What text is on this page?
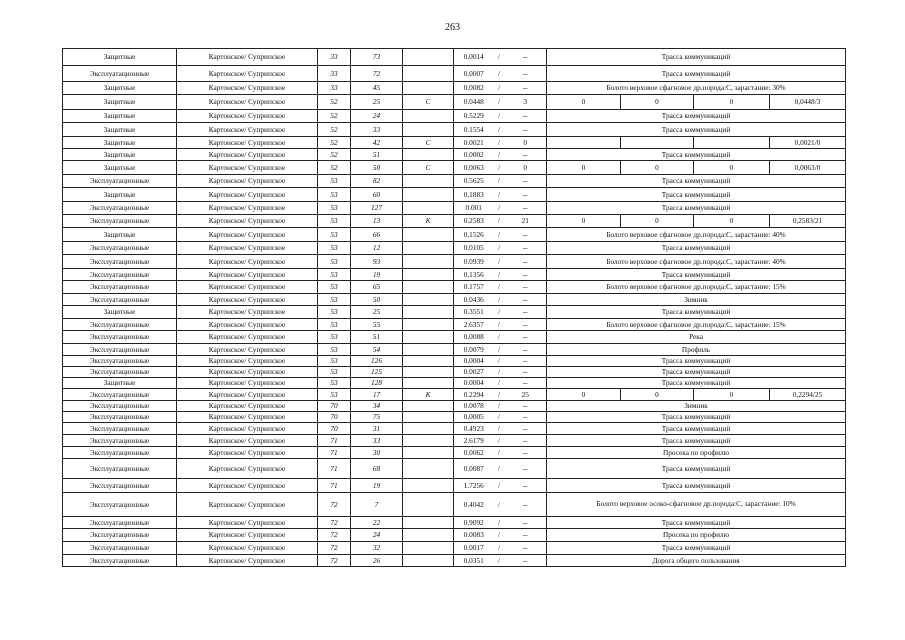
263
Защитные	Картонское/ Суприпское	33	73		0.0014	/	--	Трасса коммуникаций			
Эксплуатационные	Картонское/ Суприпское	33	72		0.0007	/	--	Трасса коммуникаций			
Защитные	Картонское/ Суприпское	33	45		0.0082	/	--	Болото верховое сфагновое др.порода:С, зарастание: 30%			
Защитные	Картонское/ Суприпское	52	25	С	0.0448	/	3	0	0	0	0,0448/3
Защитные	Картонское/ Суприпское	52	24		0.5229	/	--	Трасса коммуникаций			
Защитные	Картонское/ Суприпское	52	33		0.1554	/	--	Трасса коммуникаций			
Защитные	Картонское/ Суприпское	52	42	С	0.0021	/	0				0,0021/0
Защитные	Картонское/ Суприпское	52	51		0.0002	/	--	Трасса коммуникаций			
Защитные	Картонское/ Суприпское	52	50	С	0.0063	/	0	0	0	0	0,0063/0
Эксплуатационные	Картонское/ Суприпское	53	82		0.5625	/	--	Трасса коммуникаций			
Защитные	Картонское/ Суприпское	53	60		0.1883	/	--	Трасса коммуникаций			
Эксплуатационные	Картонское/ Суприпское	53	127		0.001	/	--	Трасса коммуникаций			
Эксплуатационные	Картонское/ Суприпское	53	13	К	0.2583	/	21	0	0	0	0,2583/21
Защитные	Картонское/ Суприпское	53	66		0.1526	/	--	Болото верховое сфагновое др.порода:С, зарастание: 40%			
Эксплуатационные	Картонское/ Суприпское	53	12		0.0105	/	--	Трасса коммуникаций			
Эксплуатационные	Картонское/ Суприпское	53	93		0.0939	/	--	Болото верховое сфагновое др.порода:С, зарастание: 40%			
Эксплуатационные	Картонское/ Суприпское	53	19		0.1356	/	--	Трасса коммуникаций			
Эксплуатационные	Картонское/ Суприпское	53	65		0.1757	/	--	Болото верховое сфагновое др.порода:С, зарастание: 15%			
Эксплуатационные	Картонское/ Суприпское	53	50		0.0436	/	--	Зимник			
Защитные	Картонское/ Суприпское	53	25		0.3551	/	--	Трасса коммуникаций			
Эксплуатационные	Картонское/ Суприпское	53	55		2.6357	/	--	Болото верховое сфагновое др.порода:С, зарастание: 15%			
Эксплуатационные	Картонское/ Суприпское	53	51		0.0088	/	--	Река			
Эксплуатационные	Картонское/ Суприпское	53	54		0.0079	/	--	Профиль			
Эксплуатационные	Картонское/ Суприпское	53	126		0.0004	/	--	Трасса коммуникаций			
Эксплуатационные	Картонское/ Суприпское	53	125		0.0027	/	--	Трасса коммуникаций			
Защитные	Картонское/ Суприпское	53	128		0.0004	/	--	Трасса коммуникаций			
Эксплуатационные	Картонское/ Суприпское	53	17	К	0.2294	/	25	0	0	0	0,2294/25
Эксплуатационные	Картонское/ Суприпское	70	34		0.0078	/	--	Зимник			
Эксплуатационные	Картонское/ Суприпское	70	75		0.0005	/	--	Трасса коммуникаций			
Эксплуатационные	Картонское/ Суприпское	70	31		0.4923	/	--	Трасса коммуникаций			
Эксплуатационные	Картонское/ Суприпское	71	33		2.6179	/	--	Трасса коммуникаций			
Эксплуатационные	Картонское/ Суприпское	71	30		0.0062	/	--	Просека по профилю			
Эксплуатационные	Картонское/ Суприпское	71	68		0.0087	/	--	Трасса коммуникаций			
Эксплуатационные	Картонское/ Суприпское	71	19		1.7256	/	--	Трасса коммуникаций			
Эксплуатационные	Картонское/ Суприпское	72	7		0.4042	/	--	Болото верховое осоко-сфагновое др.порода:С, зарастание: 10%			
Эксплуатационные	Картонское/ Суприпское	72	22		0.9092	/	--	Трасса коммуникаций			
Эксплуатационные	Картонское/ Суприпское	72	24		0.0083	/	--	Просека по профилю			
Эксплуатационные	Картонское/ Суприпское	72	32		0.0017	/	--	Трасса коммуникаций			
Эксплуатационные	Картонское/ Суприпское	72	26		0.0351	/	--	Дорога общего пользования			
